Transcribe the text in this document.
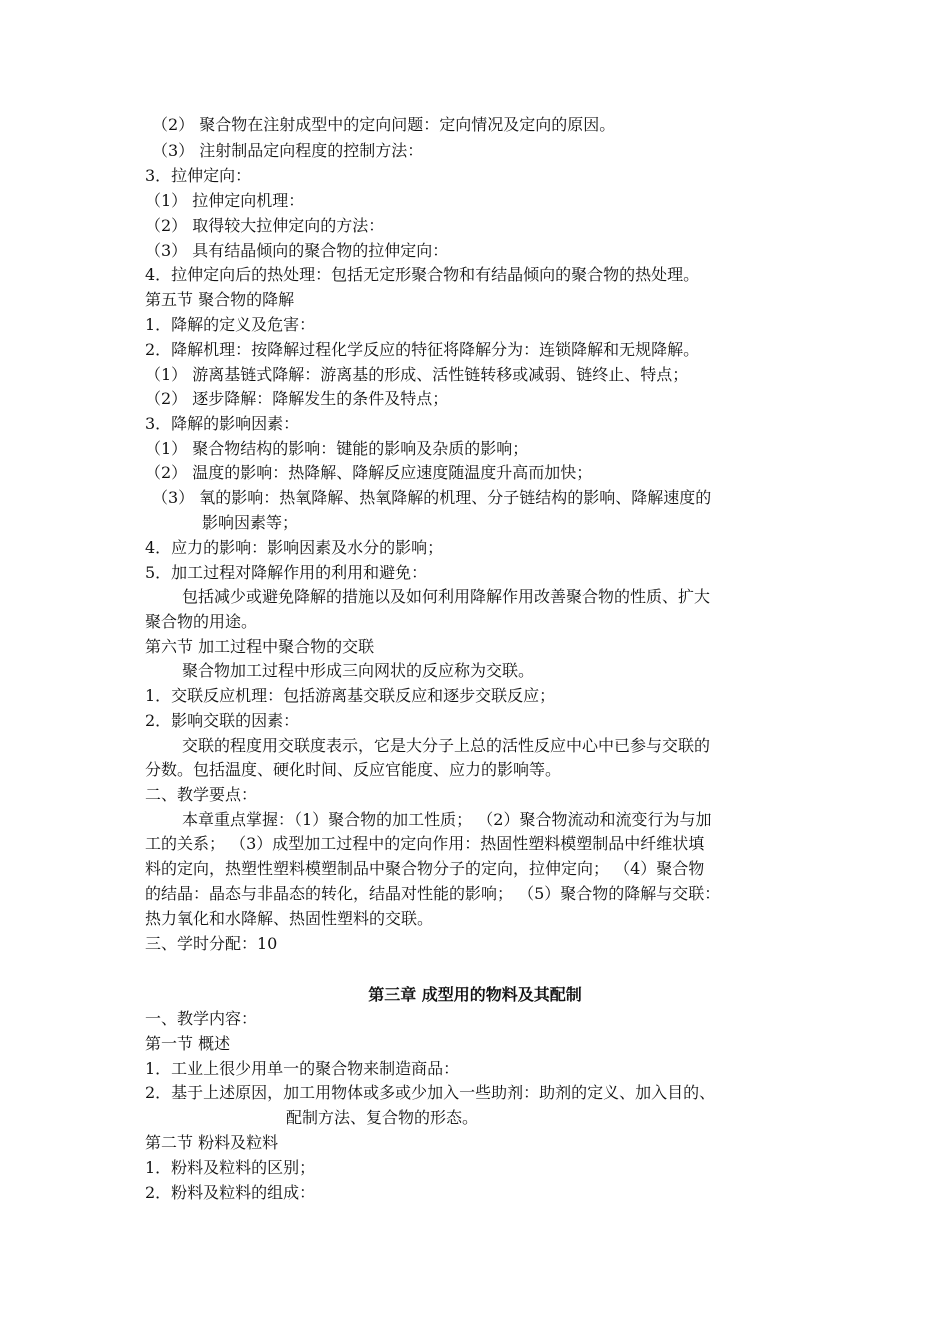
（2） 聚合物在注射成型中的定向问题：定向情况及定向的原因。
（3） 注射制品定向程度的控制方法：
3．拉伸定向：
（1） 拉伸定向机理：
（2） 取得较大拉伸定向的方法：
（3） 具有结晶倾向的聚合物的拉伸定向：
4．拉伸定向后的热处理：包括无定形聚合物和有结晶倾向的聚合物的热处理。
第五节 聚合物的降解
1．降解的定义及危害：
2．降解机理：按降解过程化学反应的特征将降解分为：连锁降解和无规降解。
（1） 游离基链式降解：游离基的形成、活性链转移或减弱、链终止、特点；
（2） 逐步降解：降解发生的条件及特点；
3．降解的影响因素：
（1） 聚合物结构的影响：键能的影响及杂质的影响；
（2） 温度的影响：热降解、降解反应速度随温度升高而加快；
（3） 氧的影响：热氧降解、热氧降解的机理、分子链结构的影响、降解速度的
影响因素等；
4．应力的影响：影响因素及水分的影响；
5．加工过程对降解作用的利用和避免：
包括减少或避免降解的措施以及如何利用降解作用改善聚合物的性质、扩大
聚合物的用途。
第六节 加工过程中聚合物的交联
聚合物加工过程中形成三向网状的反应称为交联。
1．交联反应机理：包括游离基交联反应和逐步交联反应；
2．影响交联的因素：
交联的程度用交联度表示，它是大分子上总的活性反应中心中已参与交联的
分数。包括温度、硬化时间、反应官能度、应力的影响等。
二、教学要点：
本章重点掌握：（1）聚合物的加工性质； （2）聚合物流动和流变行为与加
工的关系； （3）成型加工过程中的定向作用：热固性塑料模塑制品中纤维状填
料的定向，热塑性塑料模塑制品中聚合物分子的定向，拉伸定向； （4）聚合物
的结晶：晶态与非晶态的转化，结晶对性能的影响； （5）聚合物的降解与交联：
热力氧化和水降解、热固性塑料的交联。
三、学时分配：10
第三章 成型用的物料及其配制
一、教学内容：
第一节 概述
1．工业上很少用单一的聚合物来制造商品：
2．基于上述原因，加工用物体或多或少加入一些助剂：助剂的定义、加入目的、
配制方法、复合物的形态。
第二节 粉料及粒料
1．粉料及粒料的区别；
2．粉料及粒料的组成：
